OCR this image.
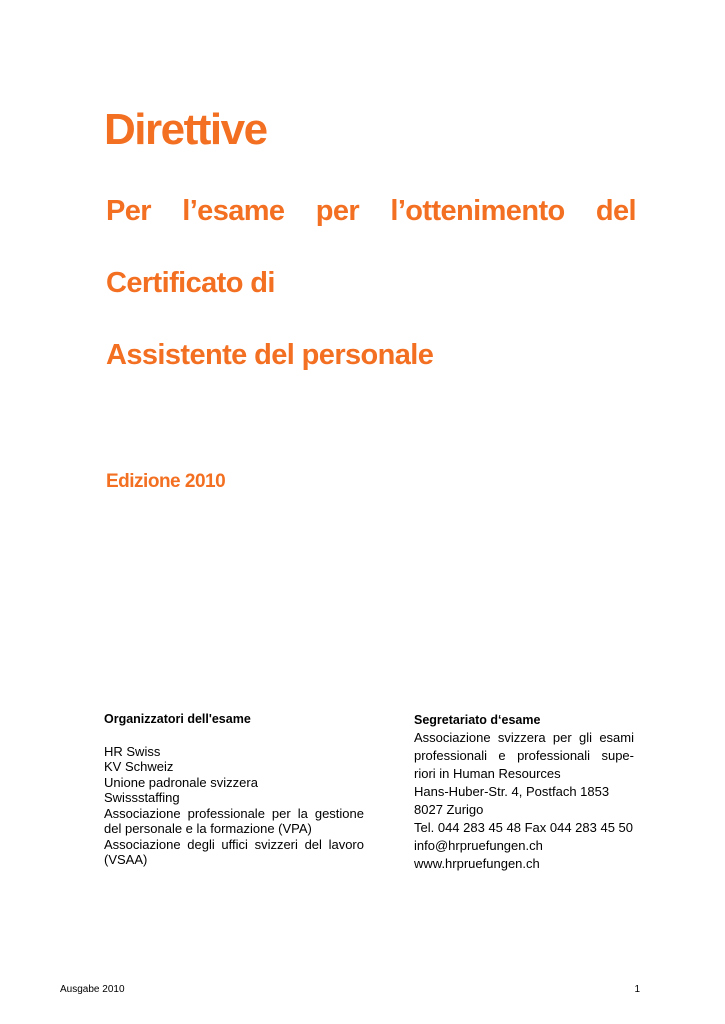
Direttive
Per l’esame per l’ottenimento del
Certificato di
Assistente del personale
Edizione 2010
Organizzatori dell'esame
HR Swiss
KV Schweiz
Unione padronale svizzera
Swissstaffing
Associazione professionale per la gestione del personale e la formazione (VPA)
Associazione degli uffici svizzeri del lavoro (VSAA)
Segretariato d‘esame
Associazione svizzera per gli esami
professionali e professionali supe-
riori in Human Resources
Hans-Huber-Str. 4, Postfach 1853
8027 Zurigo
Tel. 044 283 45 48 Fax 044 283 45 50
info@hrpruefungen.ch
www.hrpruefungen.ch
Ausgabe 2010	1
